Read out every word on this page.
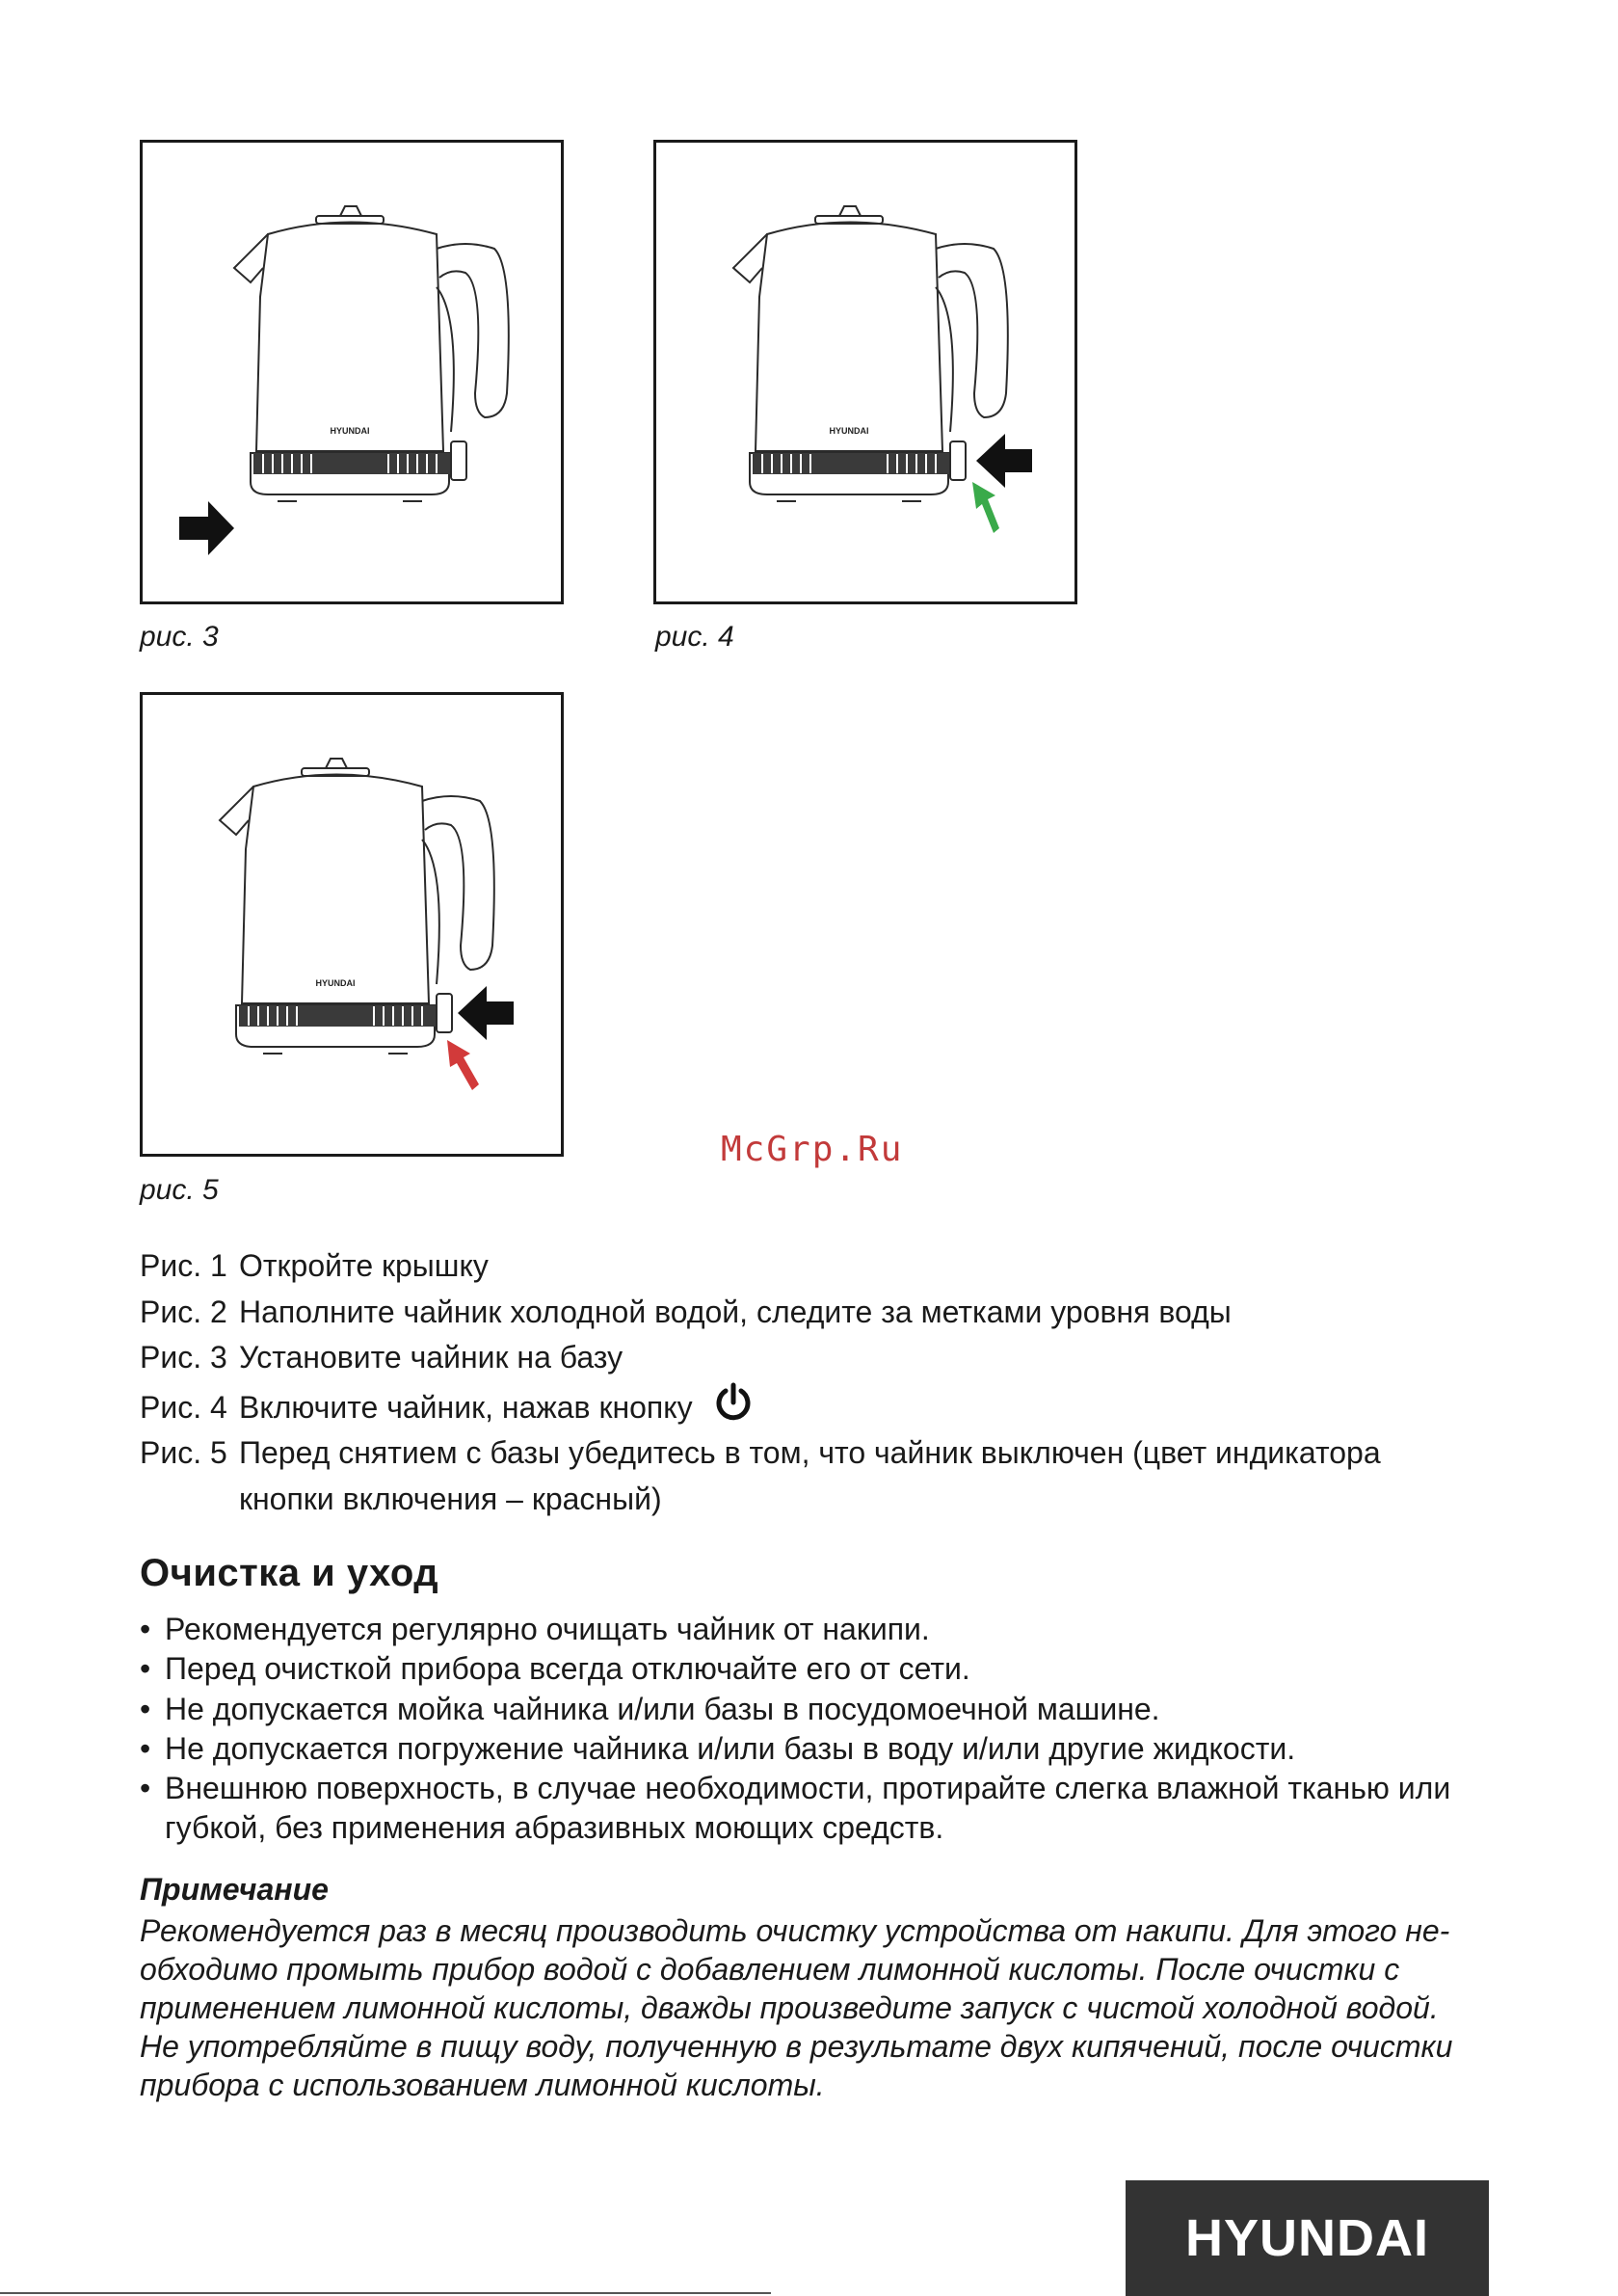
HYUNDAI
рис. 3
HYUNDAI
рис. 4
HYUNDAI
рис. 5
McGrp.Ru
Рис. 1 Откройте крышку
Рис. 2 Наполните чайник холодной водой, следите за метками уровня воды
Рис. 3 Установите чайник на базу
Рис. 4 Включите чайник, нажав кнопку
Рис. 5 Перед снятием с базы убедитесь в том, что чайник выключен (цвет индикатора
кнопки включения – красный)
Очистка и уход
• Рекомендуется регулярно очищать чайник от накипи.
• Перед очисткой прибора всегда отключайте его от сети.
• Не допускается мойка чайника и/или базы в посудомоечной машине.
• Не допускается погружение чайника и/или базы в воду и/или другие жидкости.
• Внешнюю поверхность, в случае необходимости, протирайте слегка влажной тканью или губкой, без применения абразивных моющих средств.
Примечание
Рекомендуется раз в месяц производить очистку устройства от накипи. Для этого не-
обходимо промыть прибор водой с добавлением лимонной кислоты. После очистки с
применением лимонной кислоты, дважды произведите запуск с чистой холодной водой.
Не употребляйте в пищу воду, полученную в результате двух кипячений, после очистки
прибора с использованием лимонной кислоты.
HYUNDAI
